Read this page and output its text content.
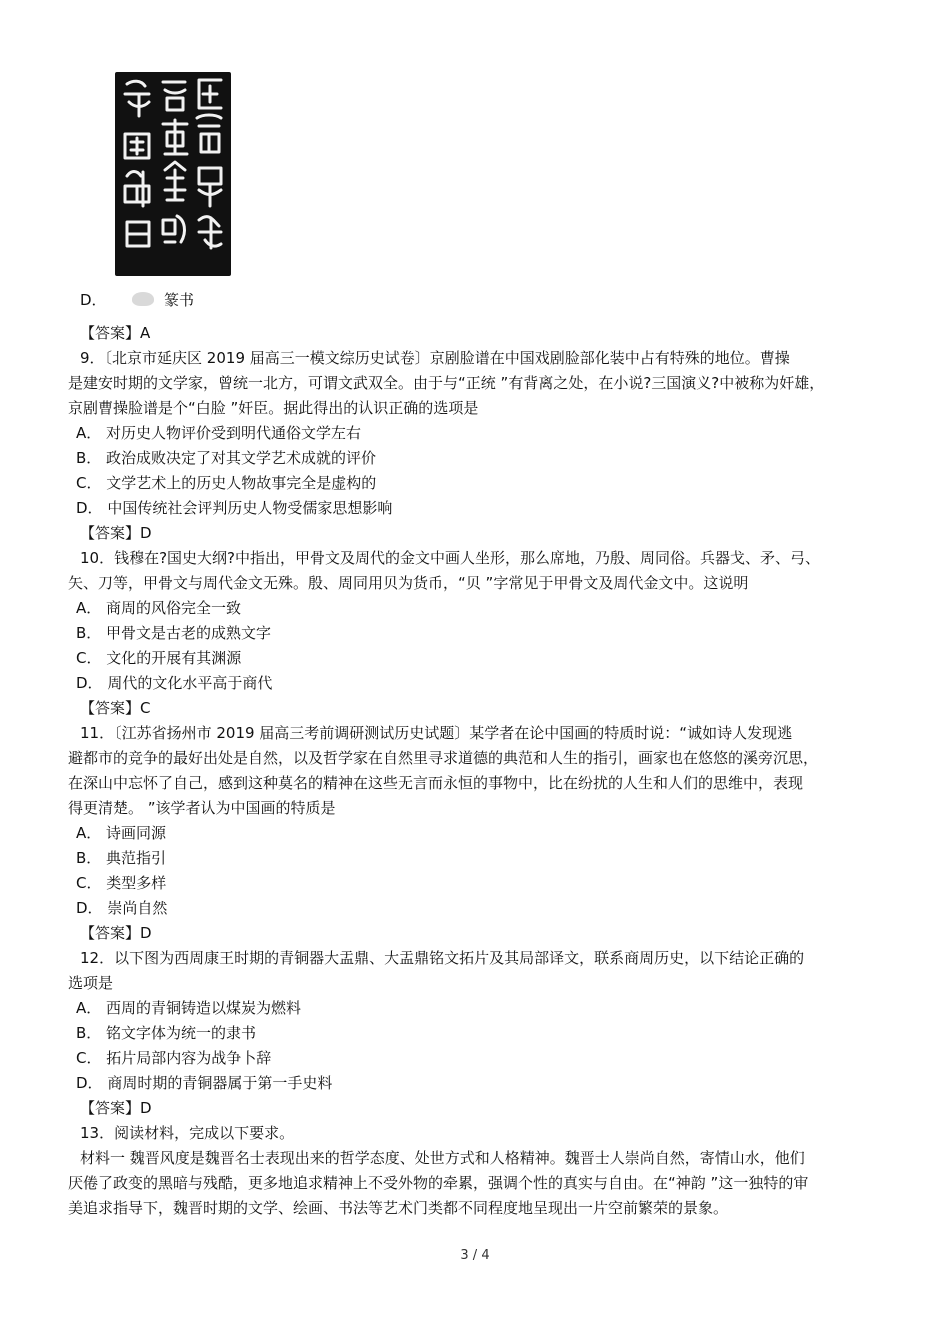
D．	篆书
【答案】A
9．〔北京市延庆区 2019 届高三一模文综历史试卷〕京剧脸谱在中国戏剧脸部化装中占有特殊的地位。曹操
是建安时期的文学家，曾统一北方，可谓文武双全。由于与“正统 ”有背离之处，在小说?三国演义?中被称为奸雄，
京剧曹操脸谱是个“白脸 ”奸臣。据此得出的认识正确的选项是
A． 对历史人物评价受到明代通俗文学左右
B． 政治成败决定了对其文学艺术成就的评价
C． 文学艺术上的历史人物故事完全是虚构的
D． 中国传统社会评判历史人物受儒家思想影响
【答案】D
10．钱穆在?国史大纲?中指出，甲骨文及周代的金文中画人坐形，那么席地，乃殷、周同俗。兵器戈、矛、弓、
矢、刀等，甲骨文与周代金文无殊。殷、周同用贝为货币，“贝 ”字常见于甲骨文及周代金文中。这说明
A． 商周的风俗完全一致
B． 甲骨文是古老的成熟文字
C． 文化的开展有其渊源
D． 周代的文化水平高于商代
【答案】C
11．〔江苏省扬州市 2019 届高三考前调研测试历史试题〕某学者在论中国画的特质时说：“诚如诗人发现逃
避都市的竞争的最好出处是自然，以及哲学家在自然里寻求道德的典范和人生的指引，画家也在悠悠的溪旁沉思，
在深山中忘怀了自己，感到这种莫名的精神在这些无言而永恒的事物中，比在纷扰的人生和人们的思维中，表现
得更清楚。 ”该学者认为中国画的特质是
A． 诗画同源
B． 典范指引
C． 类型多样
D． 崇尚自然
【答案】D
12．以下图为西周康王时期的青铜器大盂鼎、大盂鼎铭文拓片及其局部译文，联系商周历史，以下结论正确的
选项是
A． 西周的青铜铸造以煤炭为燃料
B． 铭文字体为统一的隶书
C． 拓片局部内容为战争卜辞
D． 商周时期的青铜器属于第一手史料
【答案】D
13．阅读材料，完成以下要求。
材料一 魏晋风度是魏晋名士表现出来的哲学态度、处世方式和人格精神。魏晋士人崇尚自然，寄情山水，他们
厌倦了政变的黑暗与残酷，更多地追求精神上不受外物的牵累，强调个性的真实与自由。在“神韵 ”这一独特的审
美追求指导下，魏晋时期的文学、绘画、书法等艺术门类都不同程度地呈现出一片空前繁荣的景象。
3 / 4
